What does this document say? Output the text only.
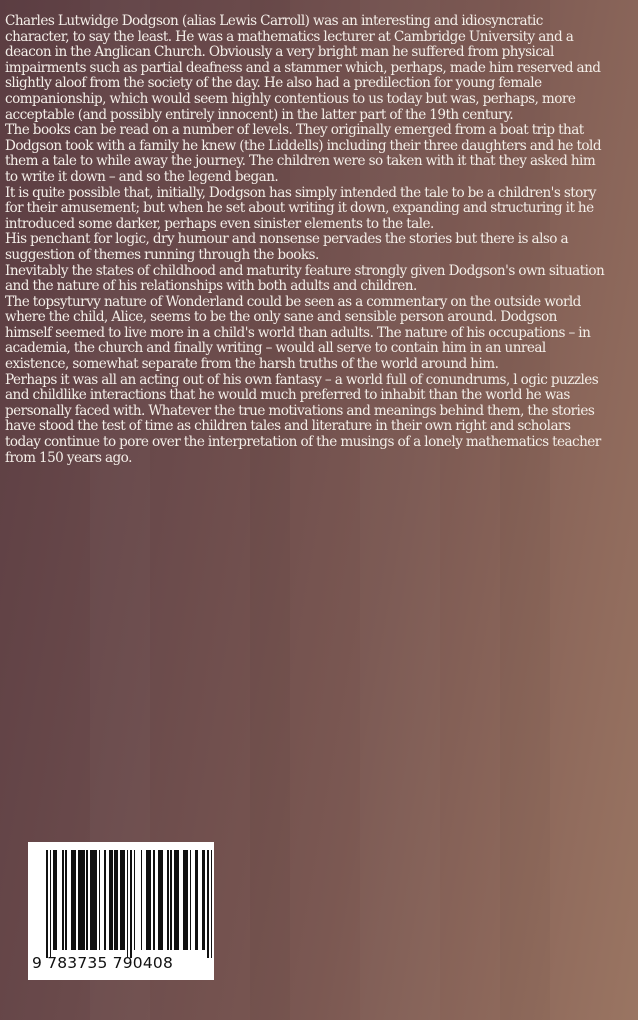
Charles Lutwidge Dodgson (alias Lewis Carroll) was an interesting and idiosyncratic character, to say the least. He was a mathematics lecturer at Cambridge University and a deacon in the Anglican Church. Obviously a very bright man he suffered from physical impairments such as partial deafness and a stammer which, perhaps, made him reserved and slightly aloof from the society of the day. He also had a predilection for young female companionship, which would seem highly contentious to us today but was, perhaps, more acceptable (and possibly entirely innocent) in the latter part of the 19th century.

The books can be read on a number of levels. They originally emerged from a boat trip that Dodgson took with a family he knew (the Liddells) including their three daughters and he told them a tale to while away the journey. The children were so taken with it that they asked him to write it down – and so the legend began.

It is quite possible that, initially, Dodgson has simply intended the tale to be a children's story for their amusement; but when he set about writing it down, expanding and structuring it he introduced some darker, perhaps even sinister elements to the tale.

His penchant for logic, dry humour and nonsense pervades the stories but there is also a suggestion of themes running through the books.

Inevitably the states of childhood and maturity feature strongly given Dodgson's own situation and the nature of his relationships with both adults and children.

The topsyturvy nature of Wonderland could be seen as a commentary on the outside world where the child, Alice, seems to be the only sane and sensible person around. Dodgson himself seemed to live more in a child's world than adults. The nature of his occupations – in academia, the church and finally writing – would all serve to contain him in an unreal existence, somewhat separate from the harsh truths of the world around him.

Perhaps it was all an acting out of his own fantasy – a world full of conundrums, l ogic puzzles and childlike interactions that he would much preferred to inhabit than the world he was personally faced with. Whatever the true motivations and meanings behind them, the stories have stood the test of time as children tales and literature in their own right and scholars today continue to pore over the interpretation of the musings of a lonely mathematics teacher from 150 years ago.

9 783735 790408
